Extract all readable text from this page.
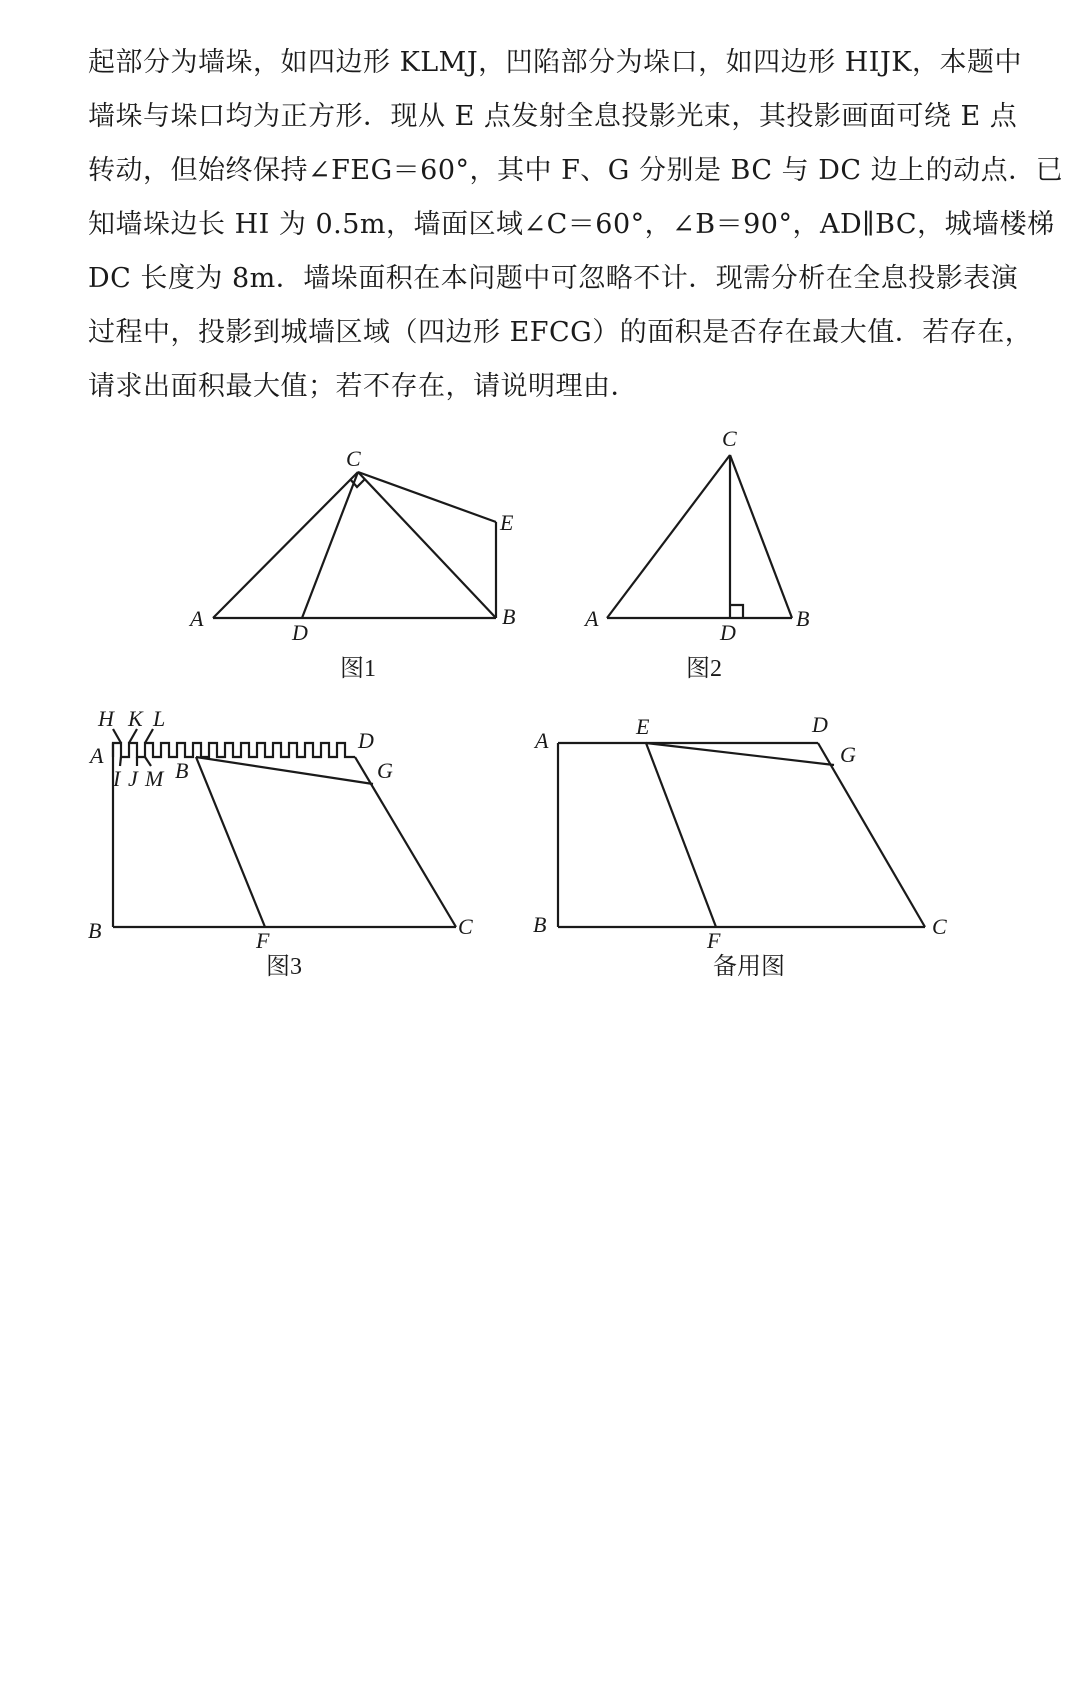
起部分为墙垛，如四边形 KLMJ，凹陷部分为垛口，如四边形 HIJK，本题中
墙垛与垛口均为正方形．现从 E 点发射全息投影光束，其投影画面可绕 E 点
转动，但始终保持∠FEG＝60°，其中 F、G 分别是 BC 与 DC 边上的动点．已
知墙垛边长 HI 为 0.5m，墙面区域∠C＝60°，∠B＝90°，AD∥BC，城墙楼梯
DC 长度为 8m．墙垛面积在本问题中可忽略不计．现需分析在全息投影表演
过程中，投影到城墙区域（四边形 EFCG）的面积是否存在最大值．若存在，
请求出面积最大值；若不存在，请说明理由．
C
E
A
D
B
图1
C
A
D
B
图2
H K L
A
I J M B
D
G
B	F
C
图3
A
E	D
G
B
F
C
备用图
